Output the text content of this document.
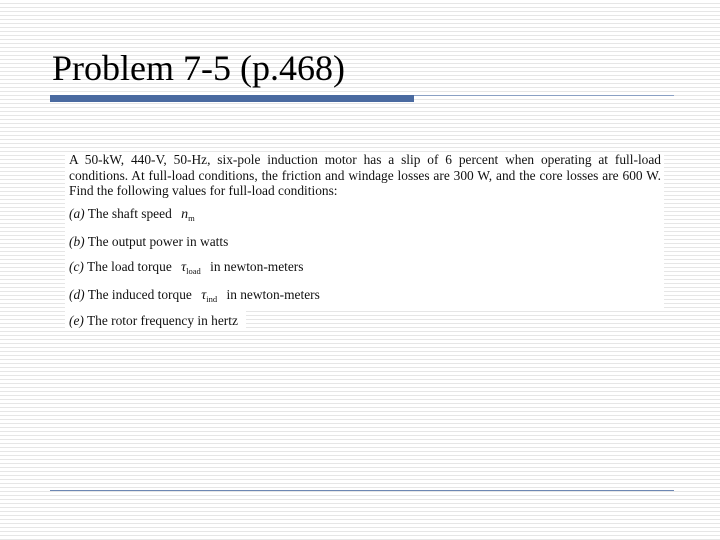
Problem 7-5 (p.468)
A 50-kW, 440-V, 50-Hz, six-pole induction motor has a slip of 6 percent when operating at full-load conditions. At full-load conditions, the friction and windage losses are 300 W, and the core losses are 600 W. Find the following values for full-load conditions:
(a) The shaft speed $n_m$
(b) The output power in watts
(c) The load torque $\tau_{load}$ in newton-meters
(d) The induced torque $\tau_{ind}$ in newton-meters
(e) The rotor frequency in hertz
